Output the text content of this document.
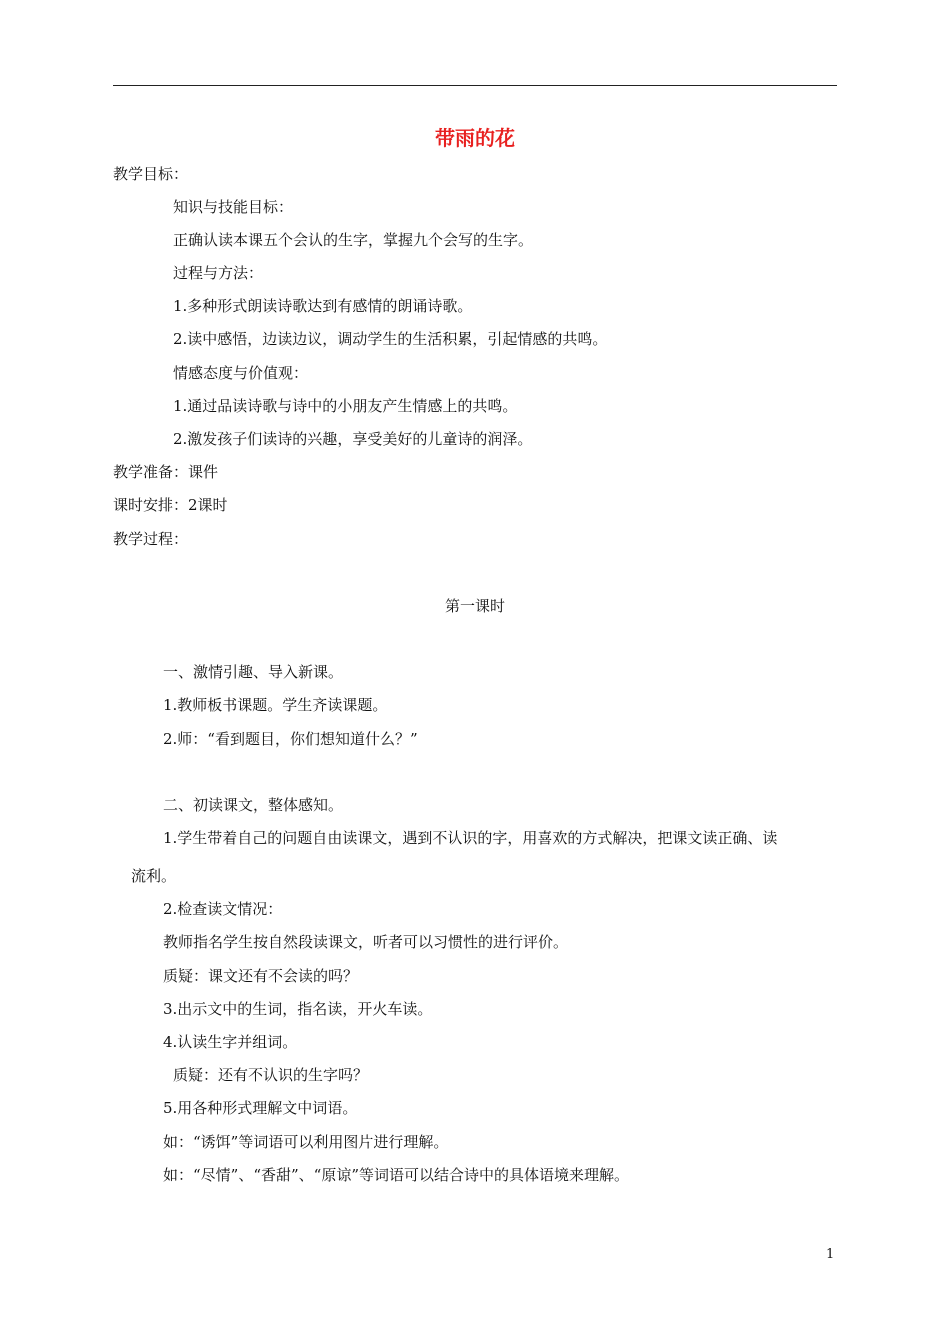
带雨的花
教学目标：
知识与技能目标：
正确认读本课五个会认的生字，掌握九个会写的生字。
过程与方法：
1.多种形式朗读诗歌达到有感情的朗诵诗歌。
2.读中感悟，边读边议，调动学生的生活积累，引起情感的共鸣。
情感态度与价值观：
1.通过品读诗歌与诗中的小朋友产生情感上的共鸣。
2.激发孩子们读诗的兴趣，享受美好的儿童诗的润泽。
教学准备：课件
课时安排：2课时
教学过程：
第一课时
一、激情引趣、导入新课。
1.教师板书课题。学生齐读课题。
2.师：“看到题目，你们想知道什么？”
二、初读课文，整体感知。
1.学生带着自己的问题自由读课文，遇到不认识的字，用喜欢的方式解决，把课文读正确、读
流利。
2.检查读文情况：
教师指名学生按自然段读课文，听者可以习惯性的进行评价。
质疑：课文还有不会读的吗？
3.出示文中的生词，指名读，开火车读。
4.认读生字并组词。
质疑：还有不认识的生字吗？
5.用各种形式理解文中词语。
如：“诱饵”等词语可以利用图片进行理解。
如：“尽情”、“香甜”、“原谅”等词语可以结合诗中的具体语境来理解。
1
